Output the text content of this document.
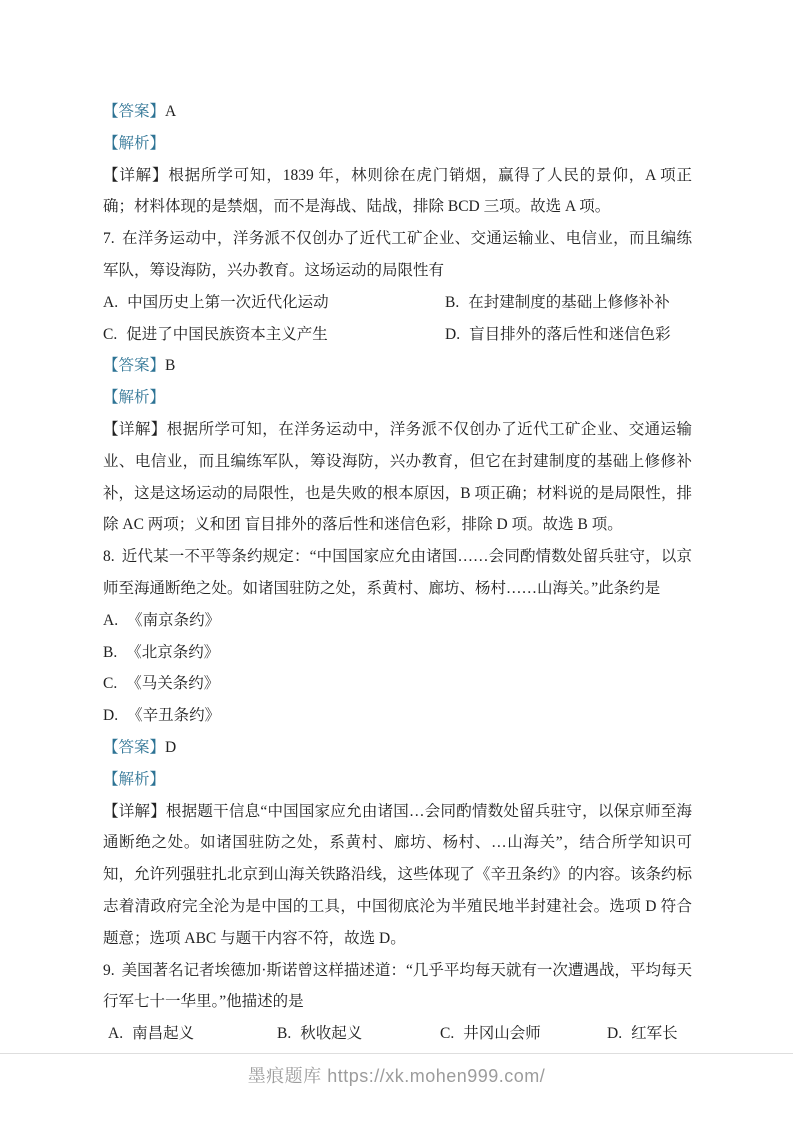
【答案】A

【解析】

【详解】根据所学可知，1839 年，林则徐在虎门销烟，赢得了人民的景仰，A 项正确；材料体现的是禁烟，而不是海战、陆战，排除 BCD 三项。故选 A 项。

7. 在洋务运动中，洋务派不仅创办了近代工矿企业、交通运输业、电信业，而且编练军队，筹设海防，兴办教育。这场运动的局限性有

A. 中国历史上第一次近代化运动	B. 在封建制度的基础上修修补补

C. 促进了中国民族资本主义产生	D. 盲目排外的落后性和迷信色彩

【答案】B

【解析】

【详解】根据所学可知，在洋务运动中，洋务派不仅创办了近代工矿企业、交通运输业、电信业，而且编练军队，筹设海防，兴办教育，但它在封建制度的基础上修修补补，这是这场运动的局限性，也是失败的根本原因，B 项正确；材料说的是局限性，排除 AC 两项；义和团 盲目排外的落后性和迷信色彩，排除 D 项。故选 B 项。

8. 近代某一不平等条约规定：“中国国家应允由诸国……会同酌情数处留兵驻守，以京师至海通断绝之处。如诸国驻防之处，系黄村、廊坊、杨村……山海关。”此条约是

A. 《南京条约》

B. 《北京条约》

C. 《马关条约》

D. 《辛丑条约》

【答案】D

【解析】

【详解】根据题干信息“中国国家应允由诸国…会同酌情数处留兵驻守，以保京师至海通断绝之处。如诸国驻防之处，系黄村、廊坊、杨村、…山海关”，结合所学知识可知，允许列强驻扎北京到山海关铁路沿线，这些体现了《辛丑条约》的内容。该条约标志着清政府完全沦为是中国的工具，中国彻底沦为半殖民地半封建社会。选项 D 符合题意；选项 ABC 与题干内容不符，故选 D。

9. 美国著名记者埃德加·斯诺曾这样描述道：“几乎平均每天就有一次遭遇战，平均每天行军七十一华里。”他描述的是

A. 南昌起义	B. 秋收起义	C. 井冈山会师	D. 红军长

墨痕题库 https://xk.mohen999.com/
